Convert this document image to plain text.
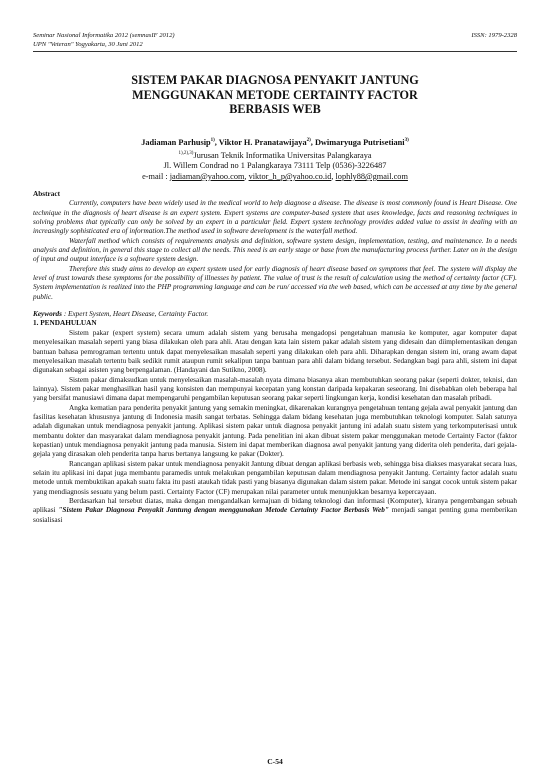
Seminar Nasional Informatika 2012 (semnasIF 2012)	ISSN: 1979-2328
UPN "Veteran" Yogyakarta, 30 Juni 2012
SISTEM PAKAR DIAGNOSA PENYAKIT JANTUNG
MENGGUNAKAN METODE CERTAINTY FACTOR
BERBASIS WEB
Jadiaman Parhusip$^{1)}$, Viktor H. Pranatawijaya$^{2)}$, Dwimaryuga Putrisetiani$^{3)}$
$^{1),2),3)}$Jurusan Teknik Informatika Universitas Palangkaraya
Jl. Willem Condrad no 1 Palangkaraya 73111 Telp (0536)-3226487
e-mail : jadiaman@yahoo.com, viktor_h_p@yahoo.co.id, lophly88@gmail.com

Abstract

Currently, computers have been widely used in the medical world to help diagnose a disease. The disease is most commonly found is Heart Disease. One technique in the diagnosis of heart disease is an expert system. Expert systems are computer-based system that uses knowledge, facts and reasoning techniques in solving problems that typically can only be solved by an expert in a particular field. Expert system technology provides added value to assist in dealing with an increasingly sophisticated era of information.The method used in software development is the waterfall method.

Waterfall method which consists of requirements analysis and definition, software system design, implementation, testing, and maintenance. In a needs analysis and definition, in general this stage to collect all the needs. This need is an early stage or base from the manufacturing process further. Later on in the design of input and output interface is a software system design.

Therefore this study aims to develop an expert system used for early diagnosis of heart disease based on symptoms that feel. The system will display the level of trust towards these symptoms for the possibility of illnesses by patient. The value of trust is the result of calculation using the method of certainty factor (CF). System implementation is realized into the PHP programming language and can be run/ accessed via the web based, which can be accessed at any time by the general public.

Keywords : Expert System, Heart Disease, Certainty Factor.

1. PENDAHULUAN

Sistem pakar (expert system) secara umum adalah sistem yang berusaha mengadopsi pengetahuan manusia ke komputer, agar komputer dapat menyelesaikan masalah seperti yang biasa dilakukan oleh para ahli. Atau dengan kata lain sistem pakar adalah sistem yang didesain dan diimplementasikan dengan bantuan bahasa pemrograman tertentu untuk dapat menyelesaikan masalah seperti yang dilakukan oleh para ahli. Diharapkan dengan sistem ini, orang awam dapat menyelesaikan masalah tertentu baik sedikit rumit ataupun rumit sekalipun tanpa bantuan para ahli dalam bidang tersebut. Sedangkan bagi para ahli, sistem ini dapat digunakan sebagai asisten yang berpengalaman. (Handayani dan Sutikno, 2008).

Sistem pakar dimaksudkan untuk menyelesaikan masalah-masalah nyata dimana biasanya akan membutuhkan seorang pakar (seperti dokter, teknisi, dan lainnya). Sistem pakar menghasilkan hasil yang konsisten dan mempunyai kecepatan yang konstan daripada kepakaran seseorang. Ini disebabkan oleh beberapa hal yang bersifat manusiawi dimana dapat mempengaruhi pengambilan keputusan seorang pakar seperti lingkungan kerja, kondisi kesehatan dan masalah pribadi.

Angka kematian para penderita penyakit jantung yang semakin meningkat, dikarenakan kurangnya pengetahuan tentang gejala awal penyakit jantung dan fasilitas kesehatan khususnya jantung di Indonesia masih sangat terbatas. Sehingga dalam bidang kesehatan juga membutuhkan teknologi komputer. Salah satunya adalah digunakan untuk mendiagnosa penyakit jantung. Aplikasi sistem pakar untuk diagnosa penyakit jantung ini adalah suatu sistem yang terkomputerisasi untuk membantu dokter dan masyarakat dalam mendiagnosa penyakit jantung. Pada penelitian ini akan dibuat sistem pakar menggunakan metode Certainty Factor (faktor kepastian) untuk mendiagnosa penyakit jantung pada manusia. Sistem ini dapat memberikan diagnosa awal penyakit jantung yang diderita oleh penderita, dari gejala-gejala yang dirasakan oleh penderita tanpa harus bertanya langsung ke pakar (Dokter).

Rancangan aplikasi sistem pakar untuk mendiagnosa penyakit Jantung dibuat dengan aplikasi berbasis web, sehingga bisa diakses masyarakat secara luas, selain itu aplikasi ini dapat juga membantu paramedis untuk melakukan pengambilan keputusan dalam mendiagnosa penyakit Jantung. Certainty factor adalah suatu metode untuk membuktikan apakah suatu fakta itu pasti ataukah tidak pasti yang biasanya digunakan dalam sistem pakar. Metode ini sangat cocok untuk sistem pakar yang mendiagnosis sesuatu yang belum pasti. Certainty Factor (CF) merupakan nilai parameter untuk menunjukkan besarnya kepercayaan.

Berdasarkan hal tersebut diatas, maka dengan mengandalkan kemajuan di bidang teknologi dan informasi (Komputer), kiranya pengembangan sebuah aplikasi "Sistem Pakar Diagnosa Penyakit Jantung dengan menggunakan Metode Certainty Factor Berbasis Web" menjadi sangat penting guna memberikan sosialisasi

C-54
